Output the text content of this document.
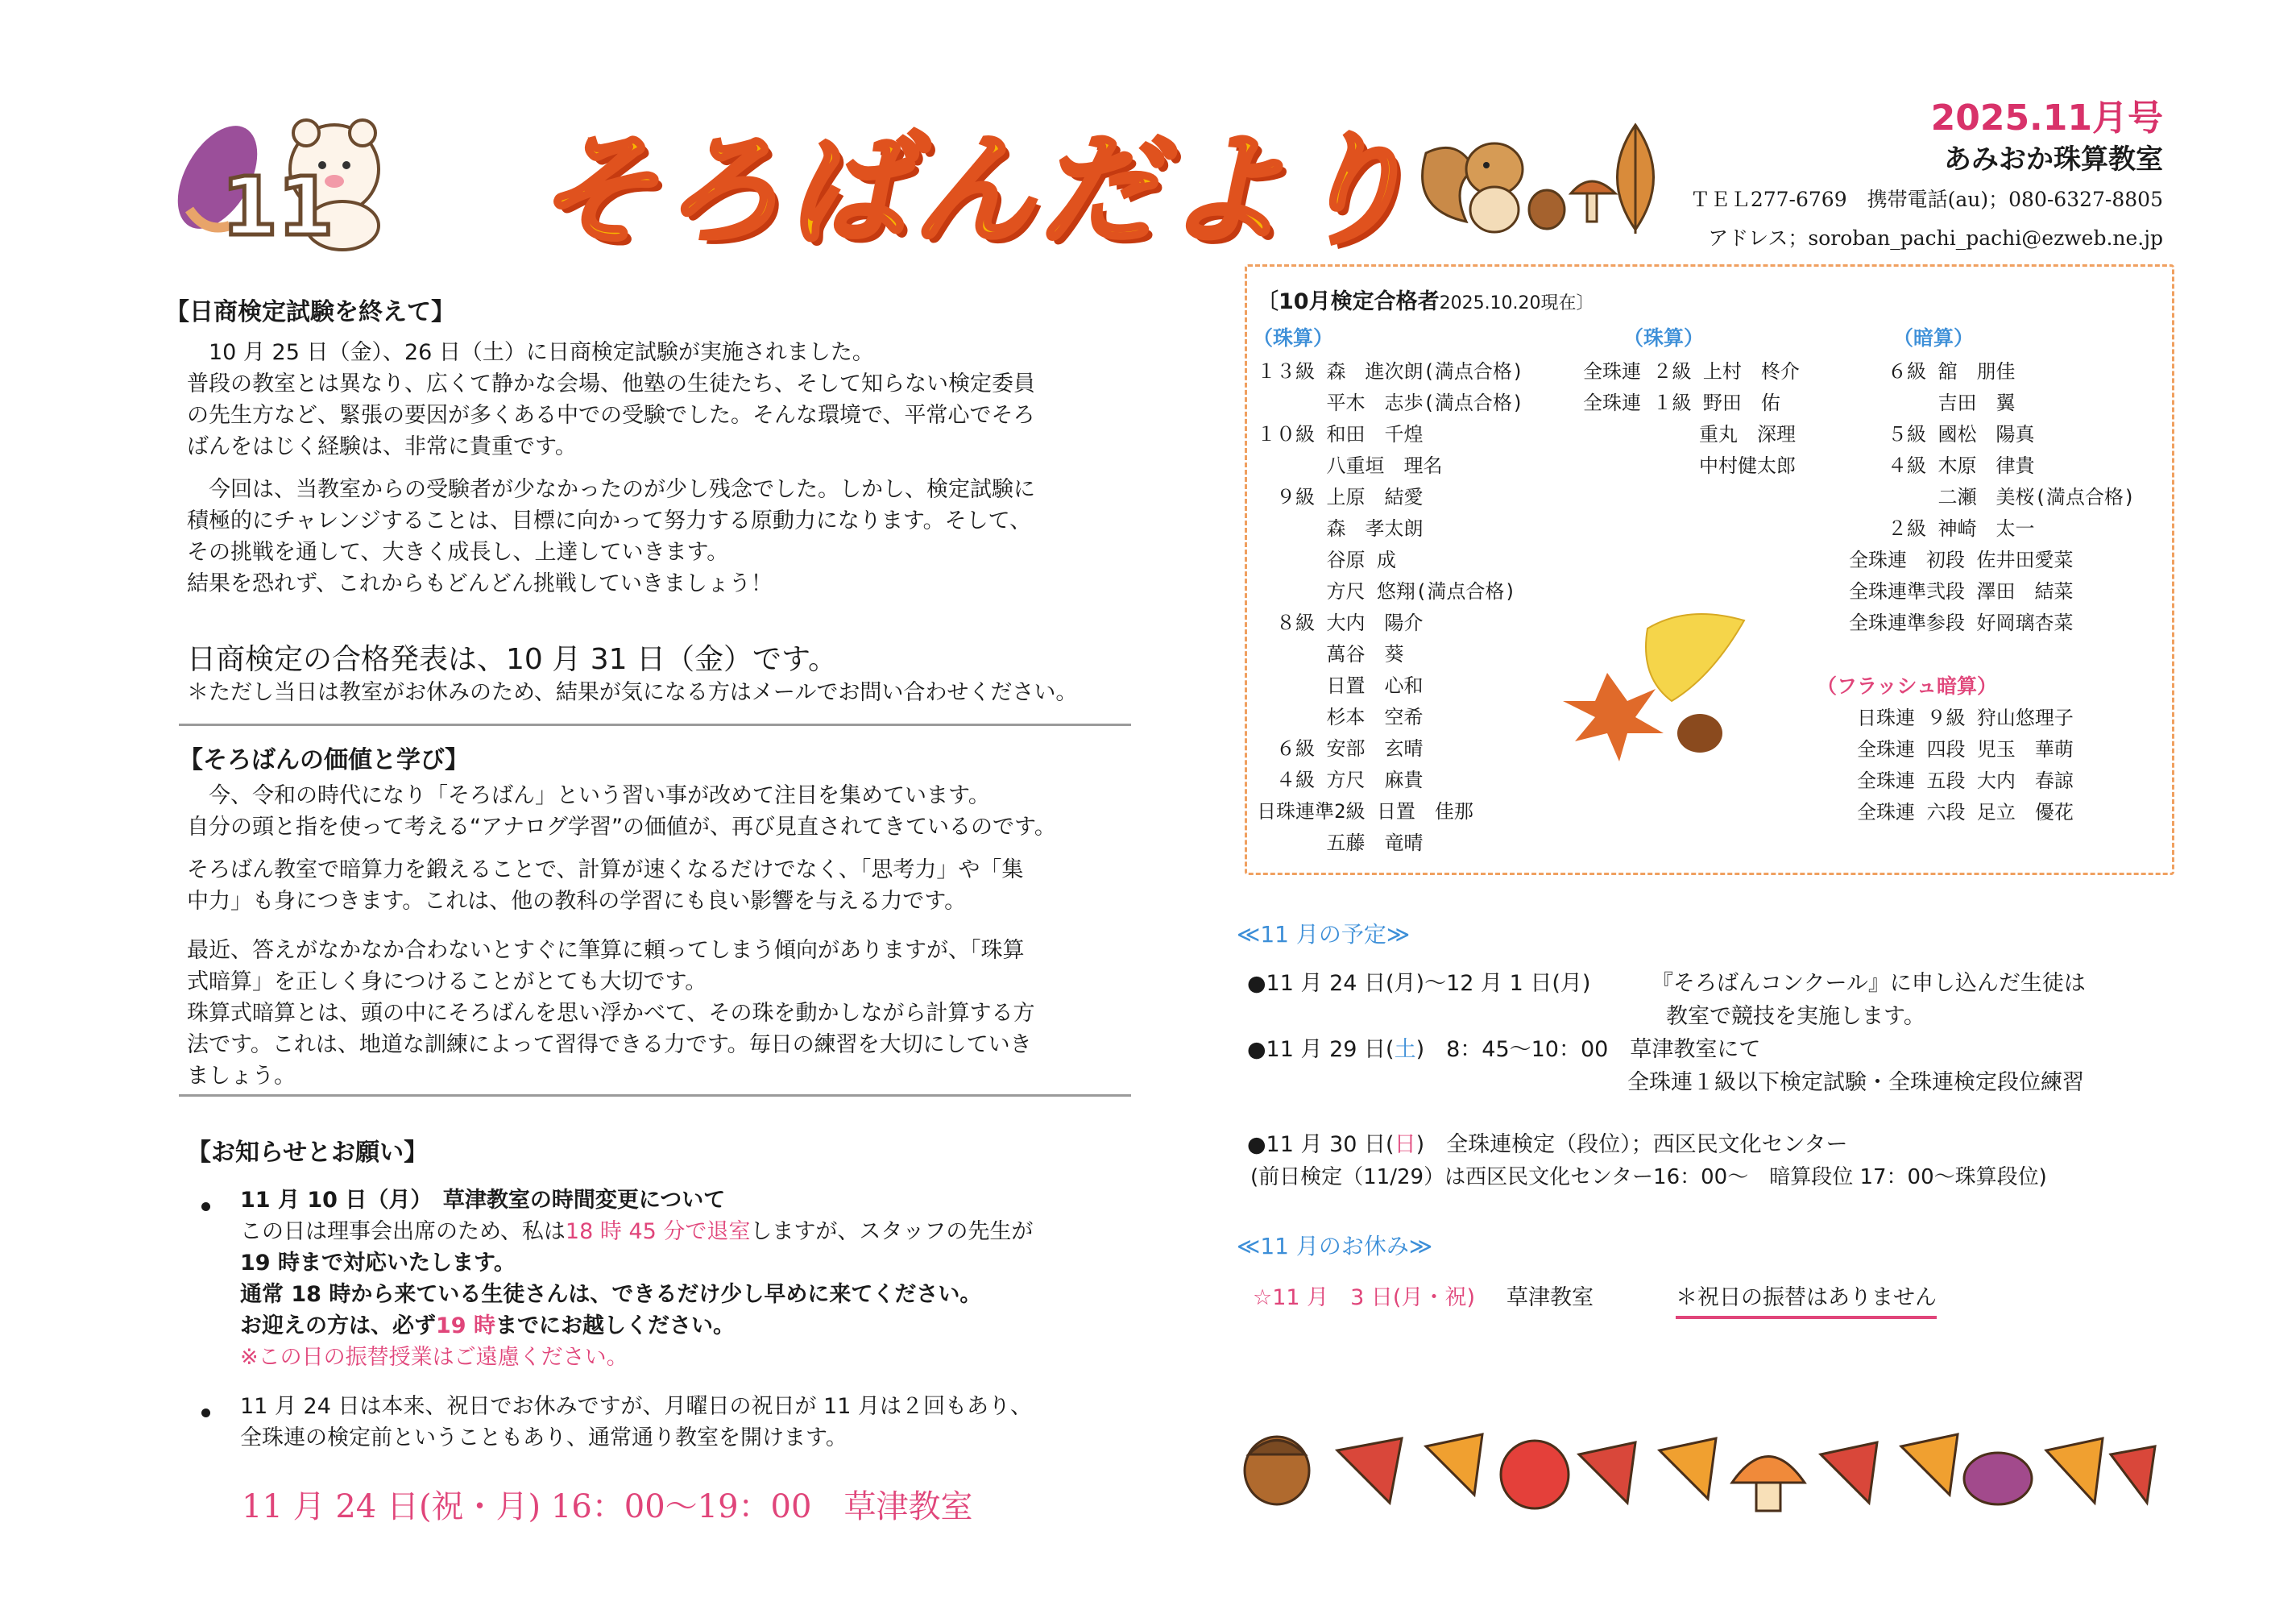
11 そろばんだより
2025.11月号
あみおか珠算教室
ＴＥＬ277-6769　携帯電話(au)；080-6327-8805
アドレス；soroban_pachi_pachi@ezweb.ne.jp
【日商検定試験を終えて】
　10 月 25 日（金）、26 日（土）に日商検定試験が実施されました。
普段の教室とは異なり、広くて静かな会場、他塾の生徒たち、そして知らない検定委員
の先生方など、緊張の要因が多くある中での受験でした。そんな環境で、平常心でそろ
ばんをはじく経験は、非常に貴重です。
　今回は、当教室からの受験者が少なかったのが少し残念でした。しかし、検定試験に
積極的にチャレンジすることは、目標に向かって努力する原動力になります。そして、
その挑戦を通して、大きく成長し、上達していきます。
結果を恐れず、これからもどんどん挑戦していきましょう！
日商検定の合格発表は、10 月 31 日（金）です。
＊ただし当日は教室がお休みのため、結果が気になる方はメールでお問い合わせください。
【そろばんの価値と学び】
　今、令和の時代になり「そろばん」という習い事が改めて注目を集めています。
自分の頭と指を使って考える“アナログ学習”の価値が、再び見直されてきているのです。
そろばん教室で暗算力を鍛えることで、計算が速くなるだけでなく、「思考力」や「集
中力」も身につきます。これは、他の教科の学習にも良い影響を与える力です。
最近、答えがなかなか合わないとすぐに筆算に頼ってしまう傾向がありますが、「珠算
式暗算」を正しく身につけることがとても大切です。
珠算式暗算とは、頭の中にそろばんを思い浮かべて、その珠を動かしながら計算する方
法です。これは、地道な訓練によって習得できる力です。毎日の練習を大切にしていき
ましょう。
【お知らせとお願い】
11 月 10 日（月）　草津教室の時間変更について
この日は理事会出席のため、私は18 時 45 分で退室しますが、スタッフの先生が
19 時まで対応いたします。
通常 18 時から来ている生徒さんは、できるだけ少し早めに来てください。
お迎えの方は、必ず19 時までにお越しください。
※この日の振替授業はご遠慮ください。
11 月 24 日は本来、祝日でお休みですが、月曜日の祝日が 11 月は２回もあり、
全珠連の検定前ということもあり、通常通り教室を開けます。
11 月 24 日(祝・月) 16：00～19：00　草津教室
〔10月検定合格者2025.10.20現在〕
（珠算）
１３級 森　進次朗(満点合格)
　　　 平木　志歩(満点合格)
１０級 和田　千煌
　　　 八重垣　理名
　９級 上原　結愛
　　　 森　孝太朗
　　　 谷原 成
　　　 方尺 悠翔(満点合格)
　８級 大内　陽介
　　　 萬谷　葵
　　　 日置　心和
　　　 杉本　空希
　６級 安部　玄晴
　４級 方尺　麻貴
日珠連準2級 日置　佳那
　　　 五藤　竜晴
（珠算）
全珠連 ２級 上村　柊介
全珠連 １級 野田　佑
　　　　　　重丸　深理
　　　　　　中村健太郎
（暗算）
　　６級 舘　朋佳
　　　　 吉田　翼
　　５級 國松　陽真
　　４級 木原　律貴
　　　　 二瀬　美桜(満点合格)
　　２級 神崎　太一
全珠連　初段 佐井田愛菜
全珠連準弐段 澤田　結菜
全珠連準参段 好岡璃杏菜
（フラッシュ暗算）
日珠連 ９級 狩山悠理子
全珠連 四段 児玉　華萌
全珠連 五段 大内　春諒
全珠連 六段 足立　優花
≪11 月の予定≫
●11 月 24 日(月)～12 月 1 日(月)	『そろばんコンクール』に申し込んだ生徒は
教室で競技を実施します。
●11 月 29 日(土)　8：45～10：00　草津教室にて
全珠連１級以下検定試験・全珠連検定段位練習
●11 月 30 日(日)　全珠連検定（段位）；西区民文化センター
(前日検定（11/29）は西区民文化センター16：00～　暗算段位 17：00～珠算段位)
≪11 月のお休み≫
☆11 月　3 日(月・祝) 草津教室	＊祝日の振替はありません
